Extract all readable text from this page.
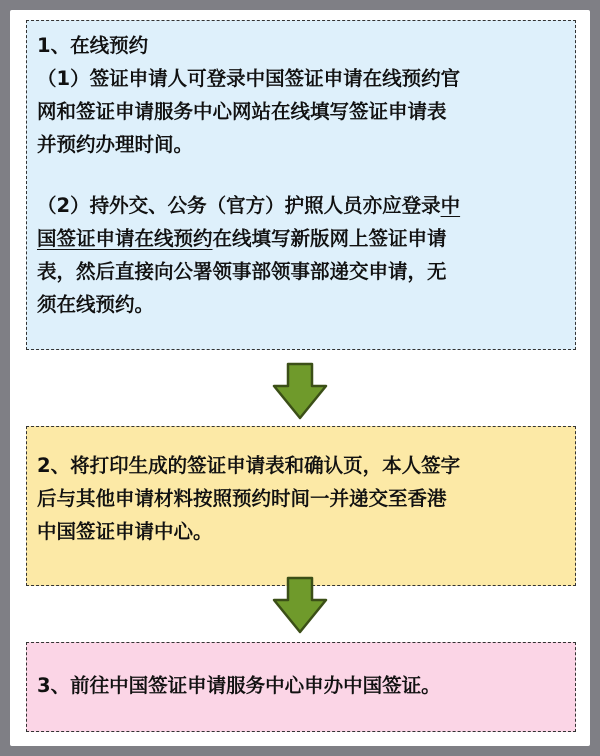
1、在线预约
（1）签证申请人可登录中国签证申请在线预约官
网和签证申请服务中心网站在线填写签证申请表
并预约办理时间。
（2）持外交、公务（官方）护照人员亦应登录中
国签证申请在线预约在线填写新版网上签证申请
表，然后直接向公署领事部领事部递交申请，无
须在线预约。
2、将打印生成的签证申请表和确认页，本人签字
后与其他申请材料按照预约时间一并递交至香港
中国签证申请中心。
3、前往中国签证申请服务中心申办中国签证。
